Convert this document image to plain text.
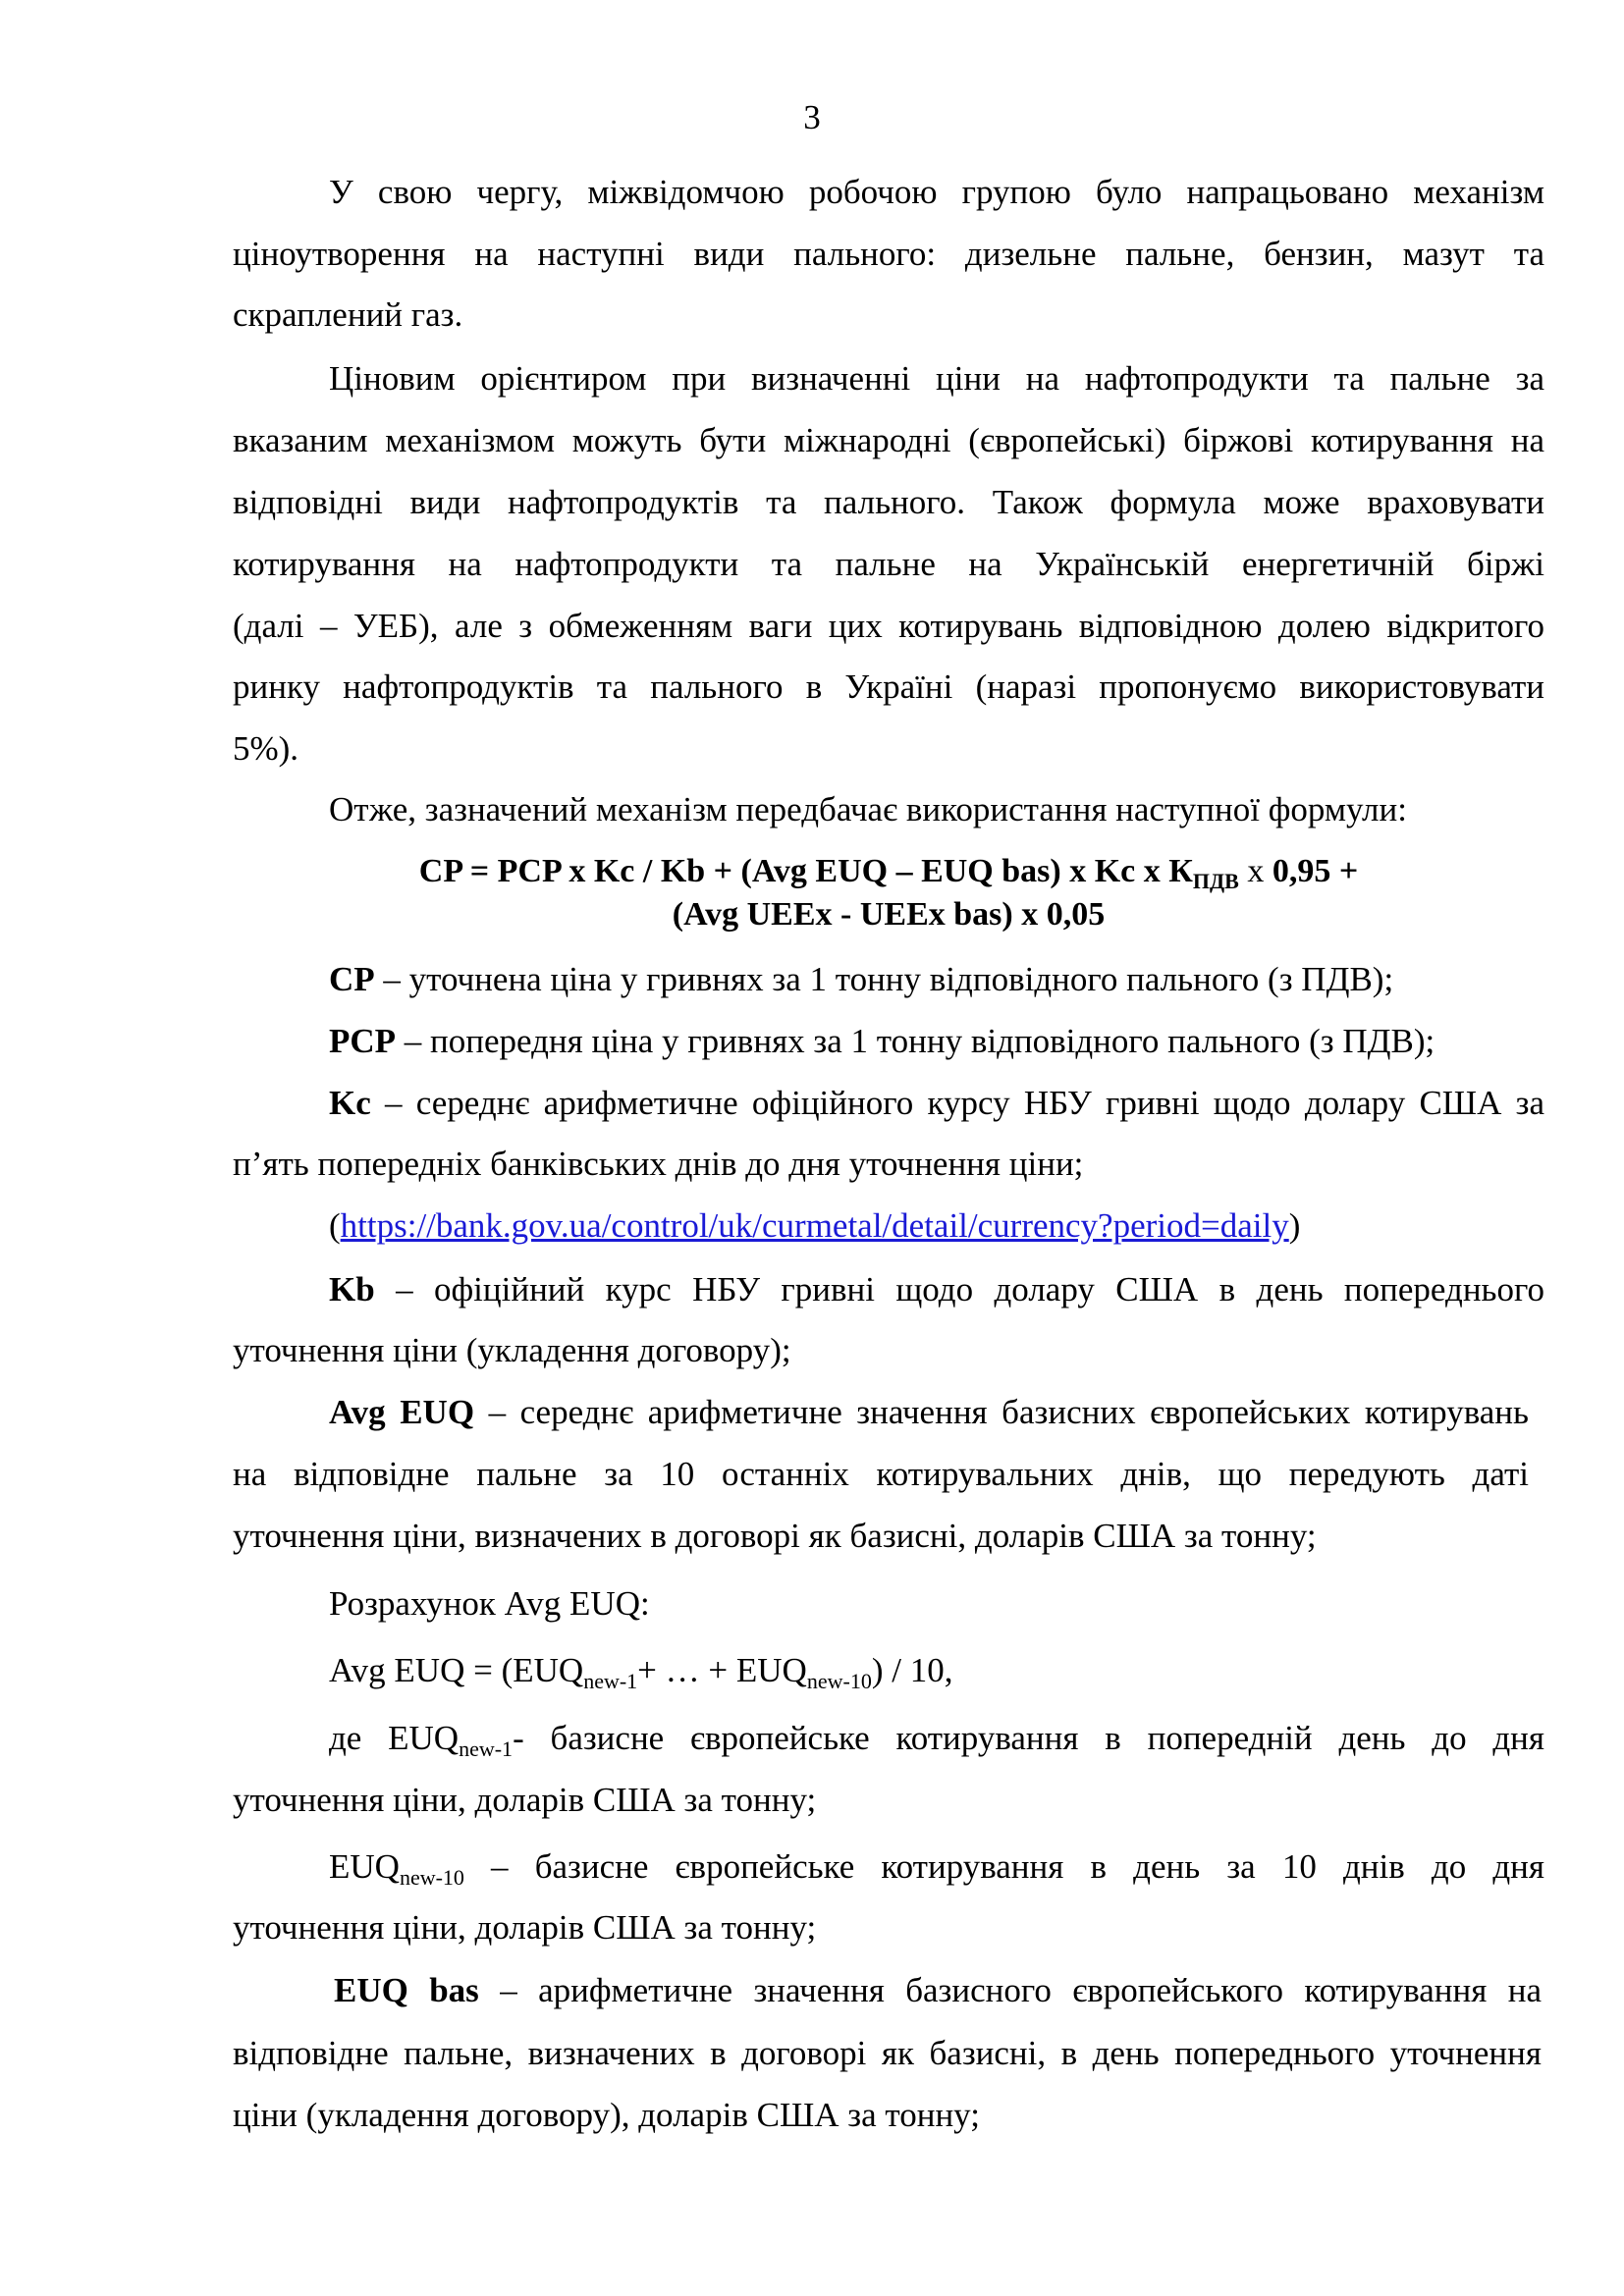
3
У свою чергу, міжвідомчою робочою групою було напрацьовано механізм
ціноутворення на наступні види пального: дизельне пальне, бензин, мазут та
скраплений газ.
Ціновим орієнтиром при визначенні ціни на нафтопродукти та пальне за
вказаним механізмом можуть бути міжнародні (європейські) біржові котирування на
відповідні види нафтопродуктів та пального. Також формула може враховувати
котирування на нафтопродукти та пальне на Українській енергетичній біржі
(далі – УЕБ), але з обмеженням ваги цих котирувань відповідною долею відкритого
ринку нафтопродуктів та пального в Україні (наразі пропонуємо використовувати
5%).
Отже, зазначений механізм передбачає використання наступної формули:
CP = PCP x Kc / Kb + (Avg EUQ – EUQ bas) x Kc x $К_{ПДВ}$ x 0,95 +
(Avg UEEx - UEEx bas) x 0,05
CP – уточнена ціна у гривнях за 1 тонну відповідного пального (з ПДВ);
PCP – попередня ціна у гривнях за 1 тонну відповідного пального (з ПДВ);
Kc – середнє арифметичне офіційного курсу НБУ гривні щодо долару США за
п’ять попередніх банківських днів до дня уточнення ціни;
(https://bank.gov.ua/control/uk/curmetal/detail/currency?period=daily)
Kb – офіційний курс НБУ гривні щодо долару США в день попереднього
уточнення ціни (укладення договору);
Avg EUQ – середнє арифметичне значення базисних європейських котирувань
на відповідне пальне за 10 останніх котирувальних днів, що передують даті
уточнення ціни, визначених в договорі як базисні, доларів США за тонну;
Розрахунок Avg EUQ:
Avg EUQ = ($EUQ_{new-1}+$ … + $EUQ_{new-10}) / 10$,
де $EUQ_{new-1}-$ базисне європейське котирування в попередній день до дня
уточнення ціни, доларів США за тонну;
$EUQ_{new-10}$ – базисне європейське котирування в день за 10 днів до дня
уточнення ціни, доларів США за тонну;
EUQ bas – арифметичне значення базисного європейського котирування на
відповідне пальне, визначених в договорі як базисні, в день попереднього уточнення
ціни (укладення договору), доларів США за тонну;
